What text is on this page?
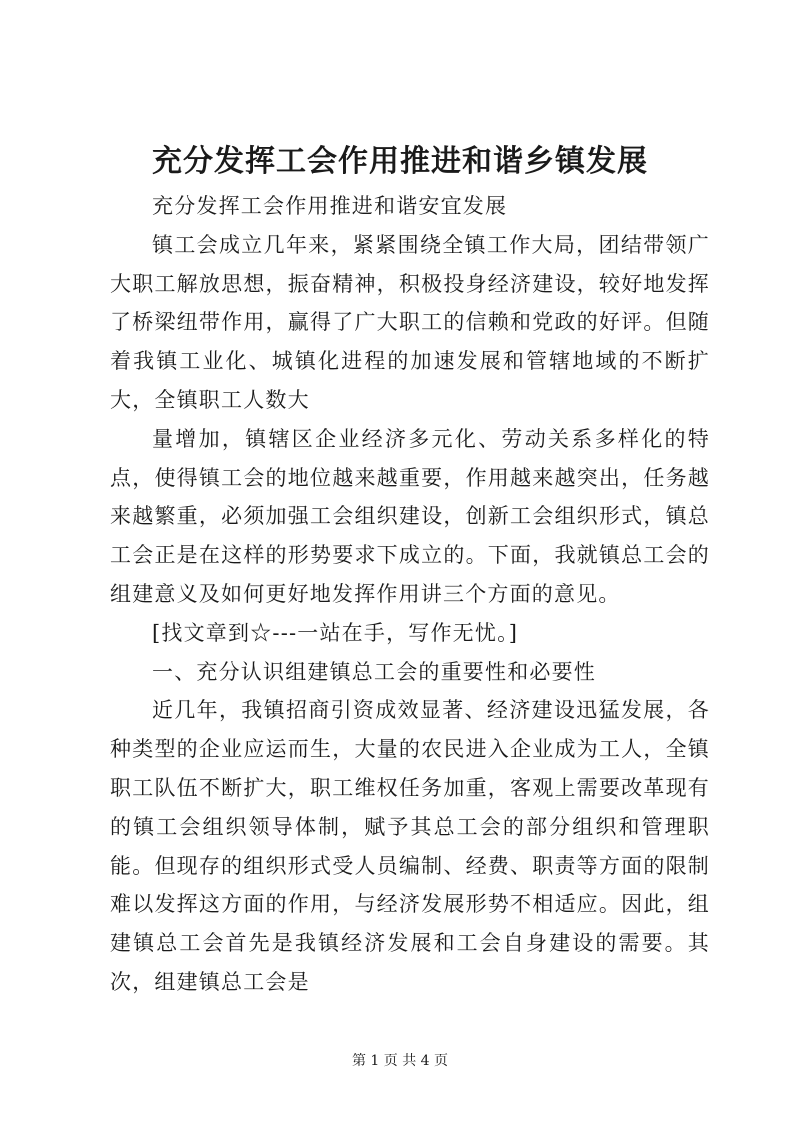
充分发挥工会作用推进和谐乡镇发展

充分发挥工会作用推进和谐安宜发展

镇工会成立几年来，紧紧围绕全镇工作大局，团结带领广大职工解放思想，振奋精神，积极投身经济建设，较好地发挥了桥梁纽带作用，赢得了广大职工的信赖和党政的好评。但随着我镇工业化、城镇化进程的加速发展和管辖地域的不断扩大，全镇职工人数大

量增加，镇辖区企业经济多元化、劳动关系多样化的特点，使得镇工会的地位越来越重要，作用越来越突出，任务越来越繁重，必须加强工会组织建设，创新工会组织形式，镇总工会正是在这样的形势要求下成立的。下面，我就镇总工会的组建意义及如何更好地发挥作用讲三个方面的意见。

[找文章到☆---一站在手，写作无忧。]

一、充分认识组建镇总工会的重要性和必要性

近几年，我镇招商引资成效显著、经济建设迅猛发展，各种类型的企业应运而生，大量的农民进入企业成为工人，全镇职工队伍不断扩大，职工维权任务加重，客观上需要改革现有的镇工会组织领导体制，赋予其总工会的部分组织和管理职能。但现存的组织形式受人员编制、经费、职责等方面的限制难以发挥这方面的作用，与经济发展形势不相适应。因此，组建镇总工会首先是我镇经济发展和工会自身建设的需要。其次，组建镇总工会是

第 1 页 共 4 页
